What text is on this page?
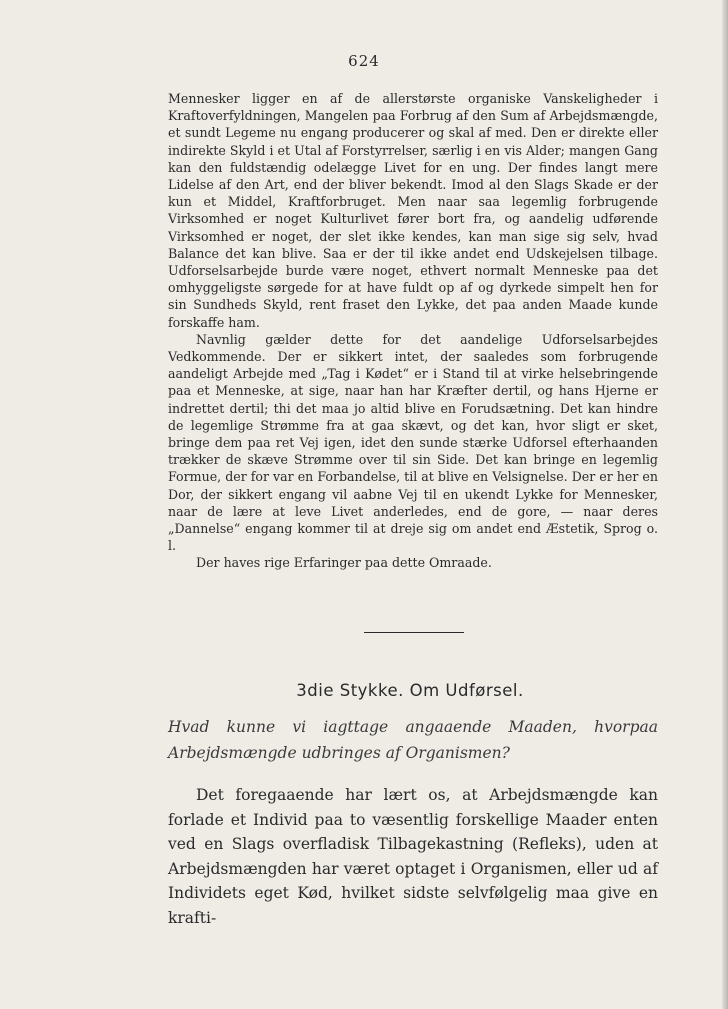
624

Mennesker ligger en af de allerstørste organiske Vanskeligheder i Kraftoverfyldningen, Mangelen paa Forbrug af den Sum af Arbejdsmængde, et sundt Legeme nu engang producerer og skal af med. Den er direkte eller indirekte Skyld i et Utal af Forstyrrelser, særlig i en vis Alder; mangen Gang kan den fuldstændig odelægge Livet for en ung. Der findes langt mere Lidelse af den Art, end der bliver bekendt. Imod al den Slags Skade er der kun et Middel, Kraftforbruget. Men naar saa legemlig forbrugende Virksomhed er noget Kulturlivet fører bort fra, og aandelig udførende Virksomhed er noget, der slet ikke kendes, kan man sige sig selv, hvad Balance det kan blive. Saa er der til ikke andet end Udskejelsen tilbage. Udforselsarbejde burde være noget, ethvert normalt Menneske paa det omhyggeligste sørgede for at have fuldt op af og dyrkede simpelt hen for sin Sundheds Skyld, rent fraset den Lykke, det paa anden Maade kunde forskaffe ham.

Navnlig gælder dette for det aandelige Udforselsarbejdes Vedkommende. Der er sikkert intet, der saaledes som forbrugende aandeligt Arbejde med „Tag i Kødet“ er i Stand til at virke helsebringende paa et Menneske, at sige, naar han har Kræfter dertil, og hans Hjerne er indrettet dertil; thi det maa jo altid blive en Forudsætning. Det kan hindre de legemlige Strømme fra at gaa skævt, og det kan, hvor sligt er sket, bringe dem paa ret Vej igen, idet den sunde stærke Udforsel efterhaanden trækker de skæve Strømme over til sin Side. Det kan bringe en legemlig Formue, der for var en Forbandelse, til at blive en Velsignelse. Der er her en Dor, der sikkert engang vil aabne Vej til en ukendt Lykke for Mennesker, naar de lære at leve Livet anderledes, end de gore, — naar deres „Dannelse“ engang kommer til at dreje sig om andet end Æstetik, Sprog o. l.

Der haves rige Erfaringer paa dette Omraade.

3die Stykke. Om Udførsel.
Hvad kunne vi iagttage angaaende Maaden, hvorpaa Arbejdsmængde udbringes af Organismen?

Det foregaaende har lært os, at Arbejdsmængde kan forlade et Individ paa to væsentlig forskellige Maader enten ved en Slags overfladisk Tilbagekastning (Refleks), uden at Arbejdsmængden har været optaget i Organismen, eller ud af Individets eget Kød, hvilket sidste selvfølgelig maa give en krafti-
